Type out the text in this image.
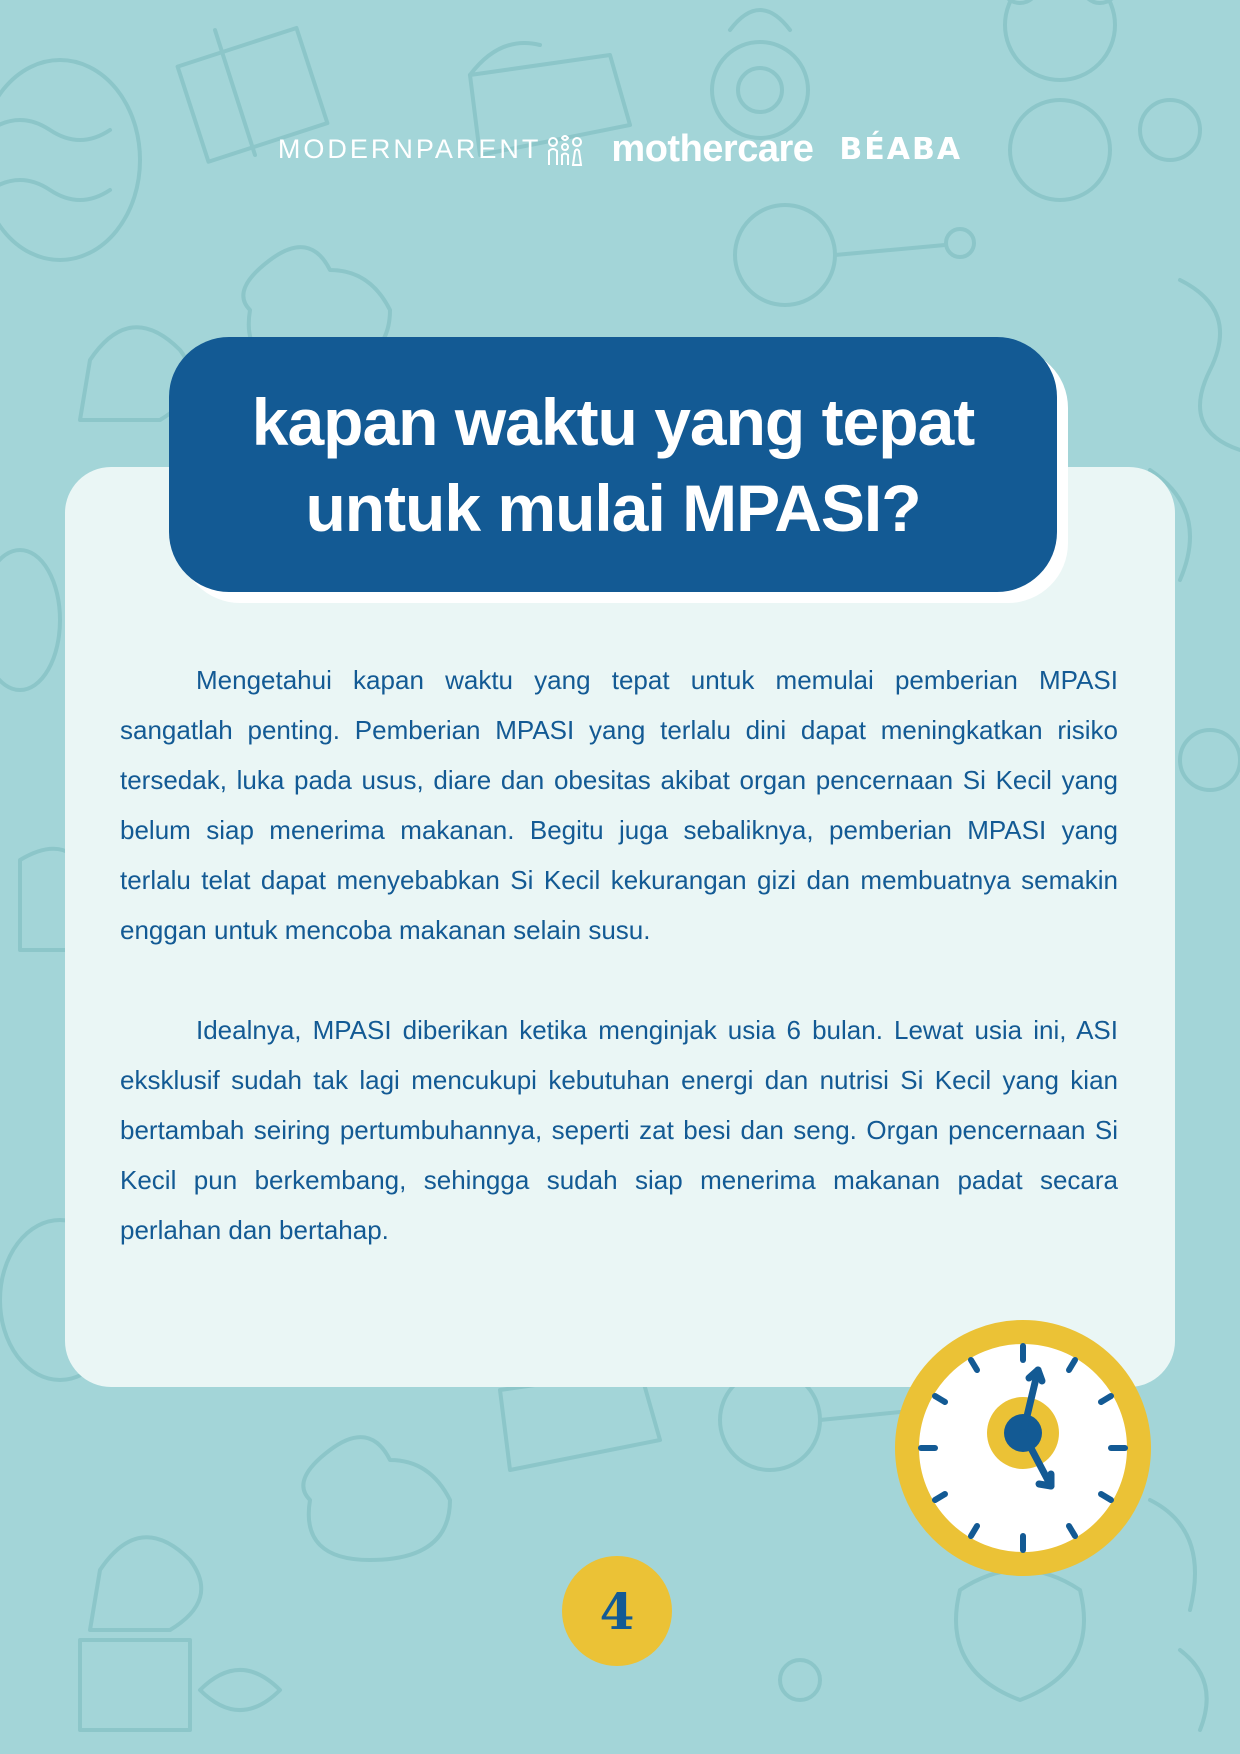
MODERNPARENT mothercare BÉABA
kapan waktu yang tepat
untuk mulai MPASI?

Mengetahui kapan waktu yang tepat untuk memulai pemberian MPASI sangatlah penting. Pemberian MPASI yang terlalu dini dapat meningkatkan risiko tersedak, luka pada usus, diare dan obesitas akibat organ pencernaan Si Kecil yang belum siap menerima makanan. Begitu juga sebaliknya, pemberian MPASI yang terlalu telat dapat menyebabkan Si Kecil kekurangan gizi dan membuatnya semakin enggan untuk mencoba makanan selain susu.

Idealnya, MPASI diberikan ketika menginjak usia 6 bulan. Lewat usia ini, ASI eksklusif sudah tak lagi mencukupi kebutuhan energi dan nutrisi Si Kecil yang kian bertambah seiring pertumbuhannya, seperti zat besi dan seng. Organ pencernaan Si Kecil pun berkembang, sehingga sudah siap menerima makanan padat secara perlahan dan bertahap.

4
